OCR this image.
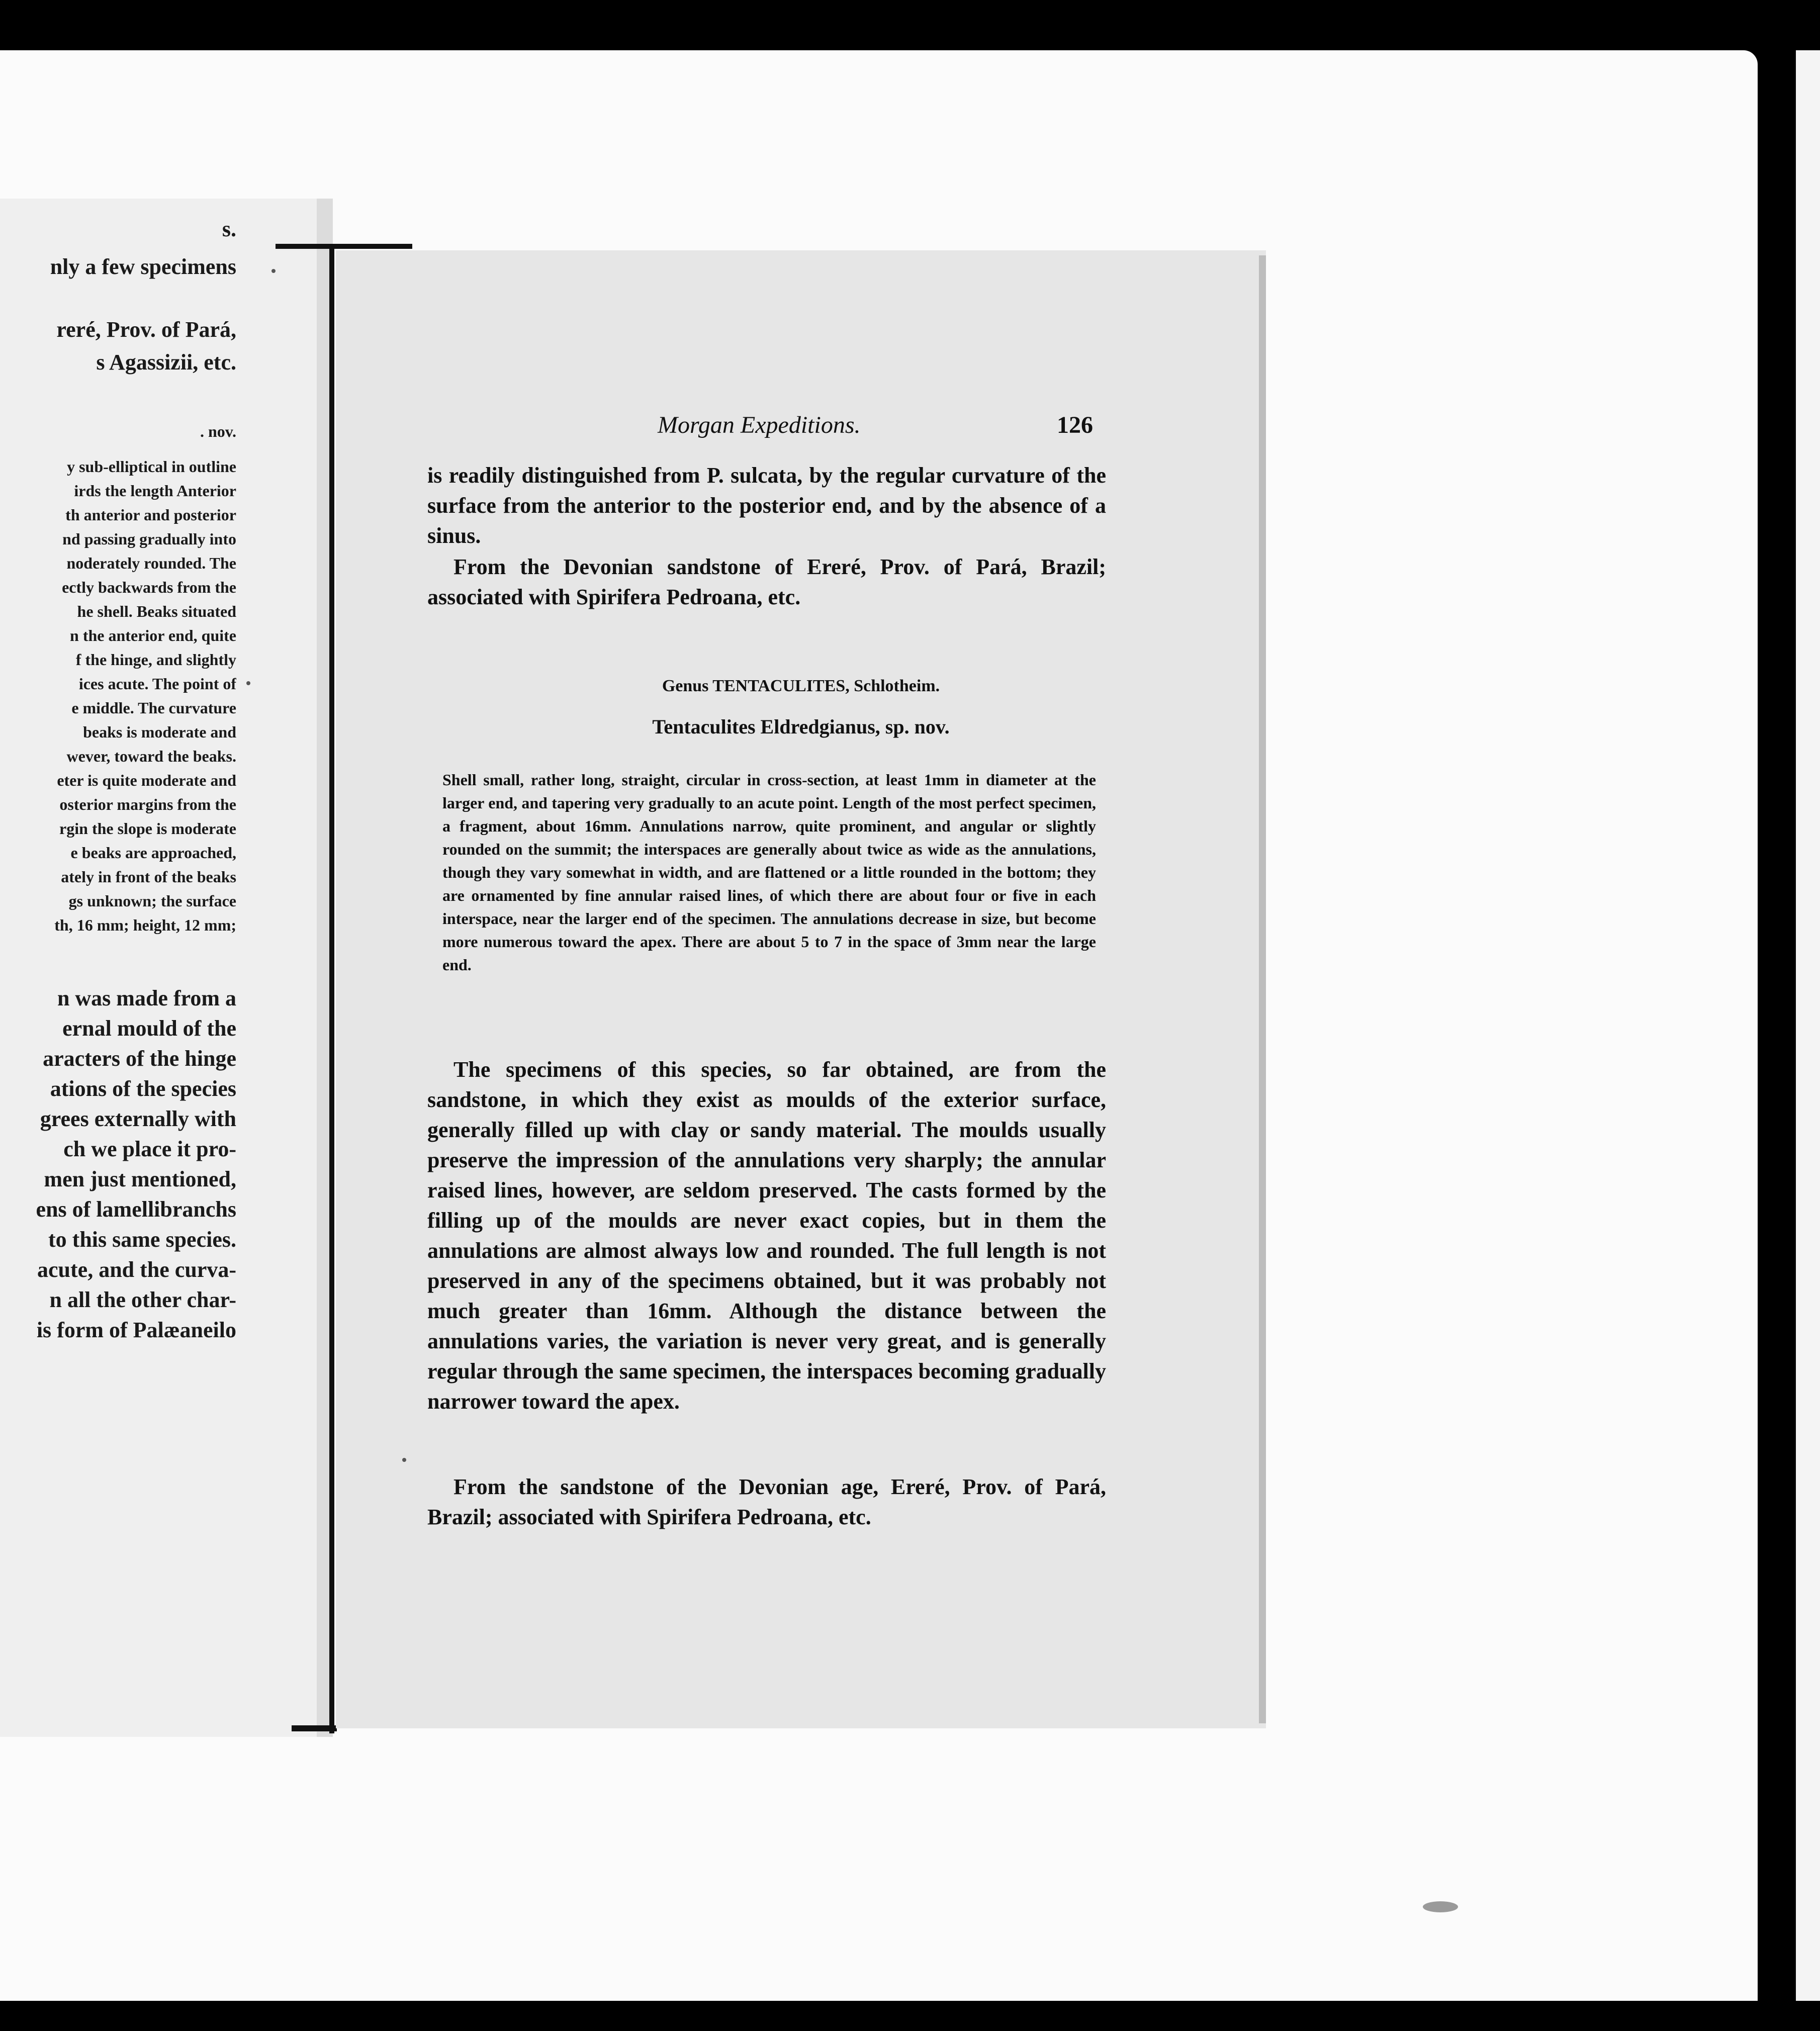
s.
nly a few specimens
reré, Prov. of Pará,
s Agassizii, etc.
. nov.
y sub-elliptical in outline
irds the length Anterior
th anterior and posterior
nd passing gradually into
noderately rounded. The
ectly backwards from the
he shell. Beaks situated
n the anterior end, quite
f the hinge, and slightly
ices acute. The point of
e middle. The curvature
beaks is moderate and
wever, toward the beaks.
eter is quite moderate and
osterior margins from the
rgin the slope is moderate
e beaks are approached,
ately in front of the beaks
gs unknown; the surface
th, 16 mm; height, 12 mm;
n was made from a
ernal mould of the
aracters of the hinge
ations of the species
grees externally with
ch we place it pro-
men just mentioned,
ens of lamellibranchs
to this same species.
acute, and the curva-
n all the other char-
is form of Palæaneilo
Morgan Expeditions.	126

is readily distinguished from P. sulcata, by the regular curvature of the surface from the anterior to the posterior end, and by the absence of a sinus.

From the Devonian sandstone of Ereré, Prov. of Pará, Brazil; associated with Spirifera Pedroana, etc.

Genus TENTACULITES, Schlotheim.
Tentaculites Eldredgianus, sp. nov.

Shell small, rather long, straight, circular in cross-section, at least 1mm in diameter at the larger end, and tapering very gradually to an acute point. Length of the most perfect specimen, a fragment, about 16mm. Annulations narrow, quite prominent, and angular or slightly rounded on the summit; the interspaces are generally about twice as wide as the annulations, though they vary somewhat in width, and are flattened or a little rounded in the bottom; they are ornamented by fine annular raised lines, of which there are about four or five in each interspace, near the larger end of the specimen. The annulations decrease in size, but become more numerous toward the apex. There are about 5 to 7 in the space of 3mm near the large end.

The specimens of this species, so far obtained, are from the sandstone, in which they exist as moulds of the exterior surface, generally filled up with clay or sandy material. The moulds usually preserve the impression of the annulations very sharply; the annular raised lines, however, are seldom preserved. The casts formed by the filling up of the moulds are never exact copies, but in them the annulations are almost always low and rounded. The full length is not preserved in any of the specimens obtained, but it was probably not much greater than 16mm. Although the distance between the annulations varies, the variation is never very great, and is generally regular through the same specimen, the interspaces becoming gradually narrower toward the apex.

From the sandstone of the Devonian age, Ereré, Prov. of Pará, Brazil; associated with Spirifera Pedroana, etc.
